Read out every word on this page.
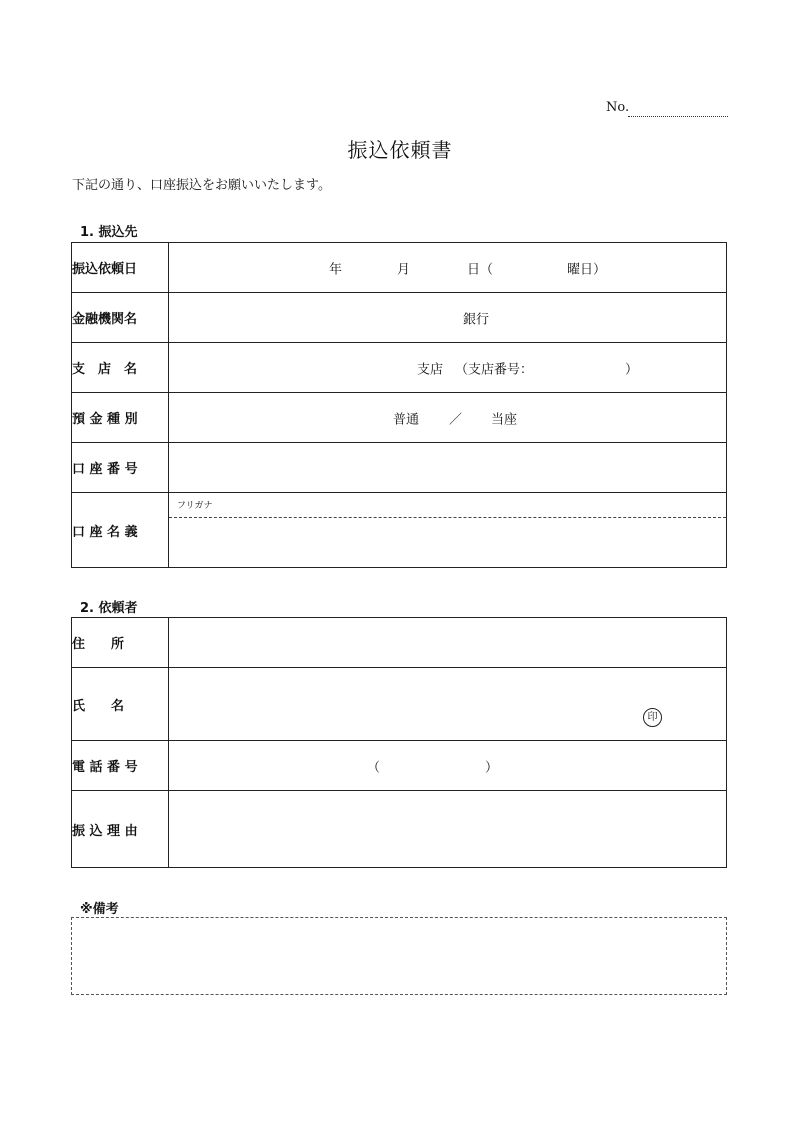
No.
振込依頼書
下記の通り、口座振込をお願いいたします。
1. 振込先
振込依頼日	年 月 日（ 曜日）

金融機関名	銀行

支　店　名	支店 （支店番号： ）

預 金 種 別	普通 ／ 当座

口 座 番 号	
口 座 名 義	フリガナ
2. 依頼者
住　　所	
氏　　名	印

電 話 番 号	（ ）

振 込 理 由	
※備考
